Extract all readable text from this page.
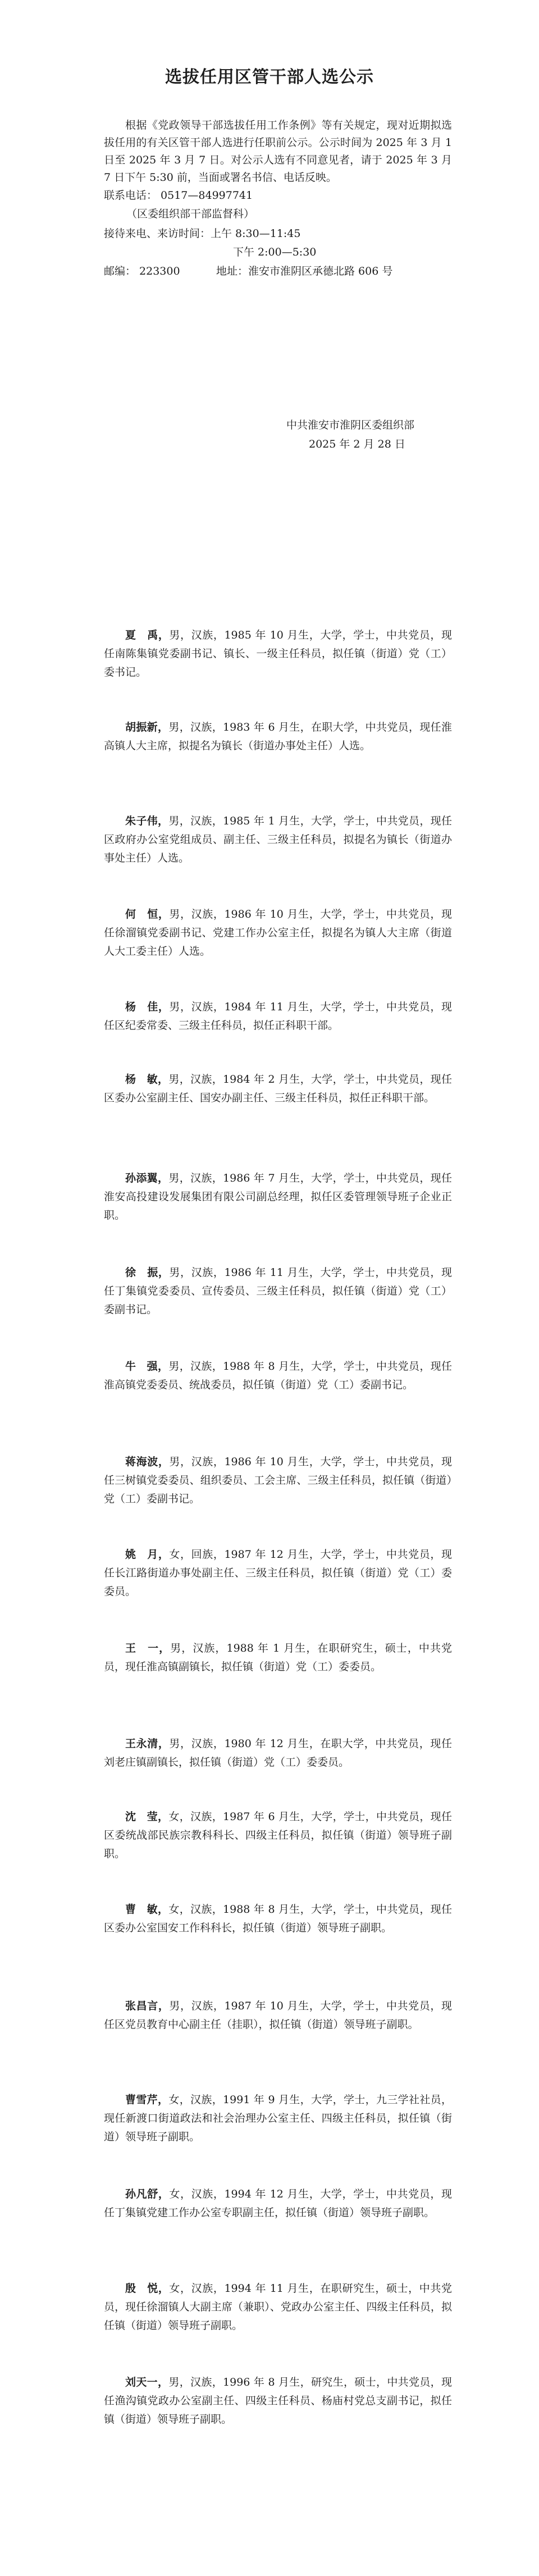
选拔任用区管干部人选公示

根据《党政领导干部选拔任用工作条例》等有关规定，现对近期拟选拔任用的有关区管干部人选进行任职前公示。公示时间为 2025 年 3 月 1 日至 2025 年 3 月 7 日。对公示人选有不同意见者，请于 2025 年 3 月 7 日下午 5:30 前，当面或署名书信、电话反映。

联系电话： 0517—84997741
（区委组织部干部监督科）
接待来电、来访时间：上午 8:30—11:45
下午 2:00—5:30
邮编： 223300	地址：淮安市淮阴区承德北路 606 号
中共淮安市淮阴区委组织部
2025 年 2 月 28 日

夏　禹，男，汉族，1985 年 10 月生，大学，学士，中共党员，现任南陈集镇党委副书记、镇长、一级主任科员，拟任镇（街道）党（工）委书记。

胡振新，男，汉族，1983 年 6 月生，在职大学，中共党员，现任淮高镇人大主席，拟提名为镇长（街道办事处主任）人选。

朱子伟，男，汉族，1985 年 1 月生，大学，学士，中共党员，现任区政府办公室党组成员、副主任、三级主任科员，拟提名为镇长（街道办事处主任）人选。

何　恒，男，汉族，1986 年 10 月生，大学，学士，中共党员，现任徐溜镇党委副书记、党建工作办公室主任，拟提名为镇人大主席（街道人大工委主任）人选。

杨　佳，男，汉族，1984 年 11 月生，大学，学士，中共党员，现任区纪委常委、三级主任科员，拟任正科职干部。

杨　敏，男，汉族，1984 年 2 月生，大学，学士，中共党员，现任区委办公室副主任、国安办副主任、三级主任科员，拟任正科职干部。

孙添翼，男，汉族，1986 年 7 月生，大学，学士，中共党员，现任淮安高投建设发展集团有限公司副总经理，拟任区委管理领导班子企业正职。

徐　振，男，汉族，1986 年 11 月生，大学，学士，中共党员，现任丁集镇党委委员、宣传委员、三级主任科员，拟任镇（街道）党（工）委副书记。

牛　强，男，汉族，1988 年 8 月生，大学，学士，中共党员，现任淮高镇党委委员、统战委员，拟任镇（街道）党（工）委副书记。

蒋海波，男，汉族，1986 年 10 月生，大学，学士，中共党员，现任三树镇党委委员、组织委员、工会主席、三级主任科员，拟任镇（街道）党（工）委副书记。

姚　月，女，回族，1987 年 12 月生，大学，学士，中共党员，现任长江路街道办事处副主任、三级主任科员，拟任镇（街道）党（工）委委员。

王　一，男，汉族，1988 年 1 月生，在职研究生，硕士，中共党员，现任淮高镇副镇长，拟任镇（街道）党（工）委委员。

王永清，男，汉族，1980 年 12 月生，在职大学，中共党员，现任刘老庄镇副镇长，拟任镇（街道）党（工）委委员。

沈　莹，女，汉族，1987 年 6 月生，大学，学士，中共党员，现任区委统战部民族宗教科科长、四级主任科员，拟任镇（街道）领导班子副职。

曹　敏，女，汉族，1988 年 8 月生，大学，学士，中共党员，现任区委办公室国安工作科科长，拟任镇（街道）领导班子副职。

张昌言，男，汉族，1987 年 10 月生，大学，学士，中共党员，现任区党员教育中心副主任（挂职），拟任镇（街道）领导班子副职。

曹雪芹，女，汉族，1991 年 9 月生，大学，学士，九三学社社员，现任新渡口街道政法和社会治理办公室主任、四级主任科员，拟任镇（街道）领导班子副职。

孙凡舒，女，汉族，1994 年 12 月生，大学，学士，中共党员，现任丁集镇党建工作办公室专职副主任，拟任镇（街道）领导班子副职。

殷　悦，女，汉族，1994 年 11 月生，在职研究生，硕士，中共党员，现任徐溜镇人大副主席（兼职）、党政办公室主任、四级主任科员，拟任镇（街道）领导班子副职。

刘天一，男，汉族，1996 年 8 月生，研究生，硕士，中共党员，现任渔沟镇党政办公室副主任、四级主任科员、杨庙村党总支副书记，拟任镇（街道）领导班子副职。
